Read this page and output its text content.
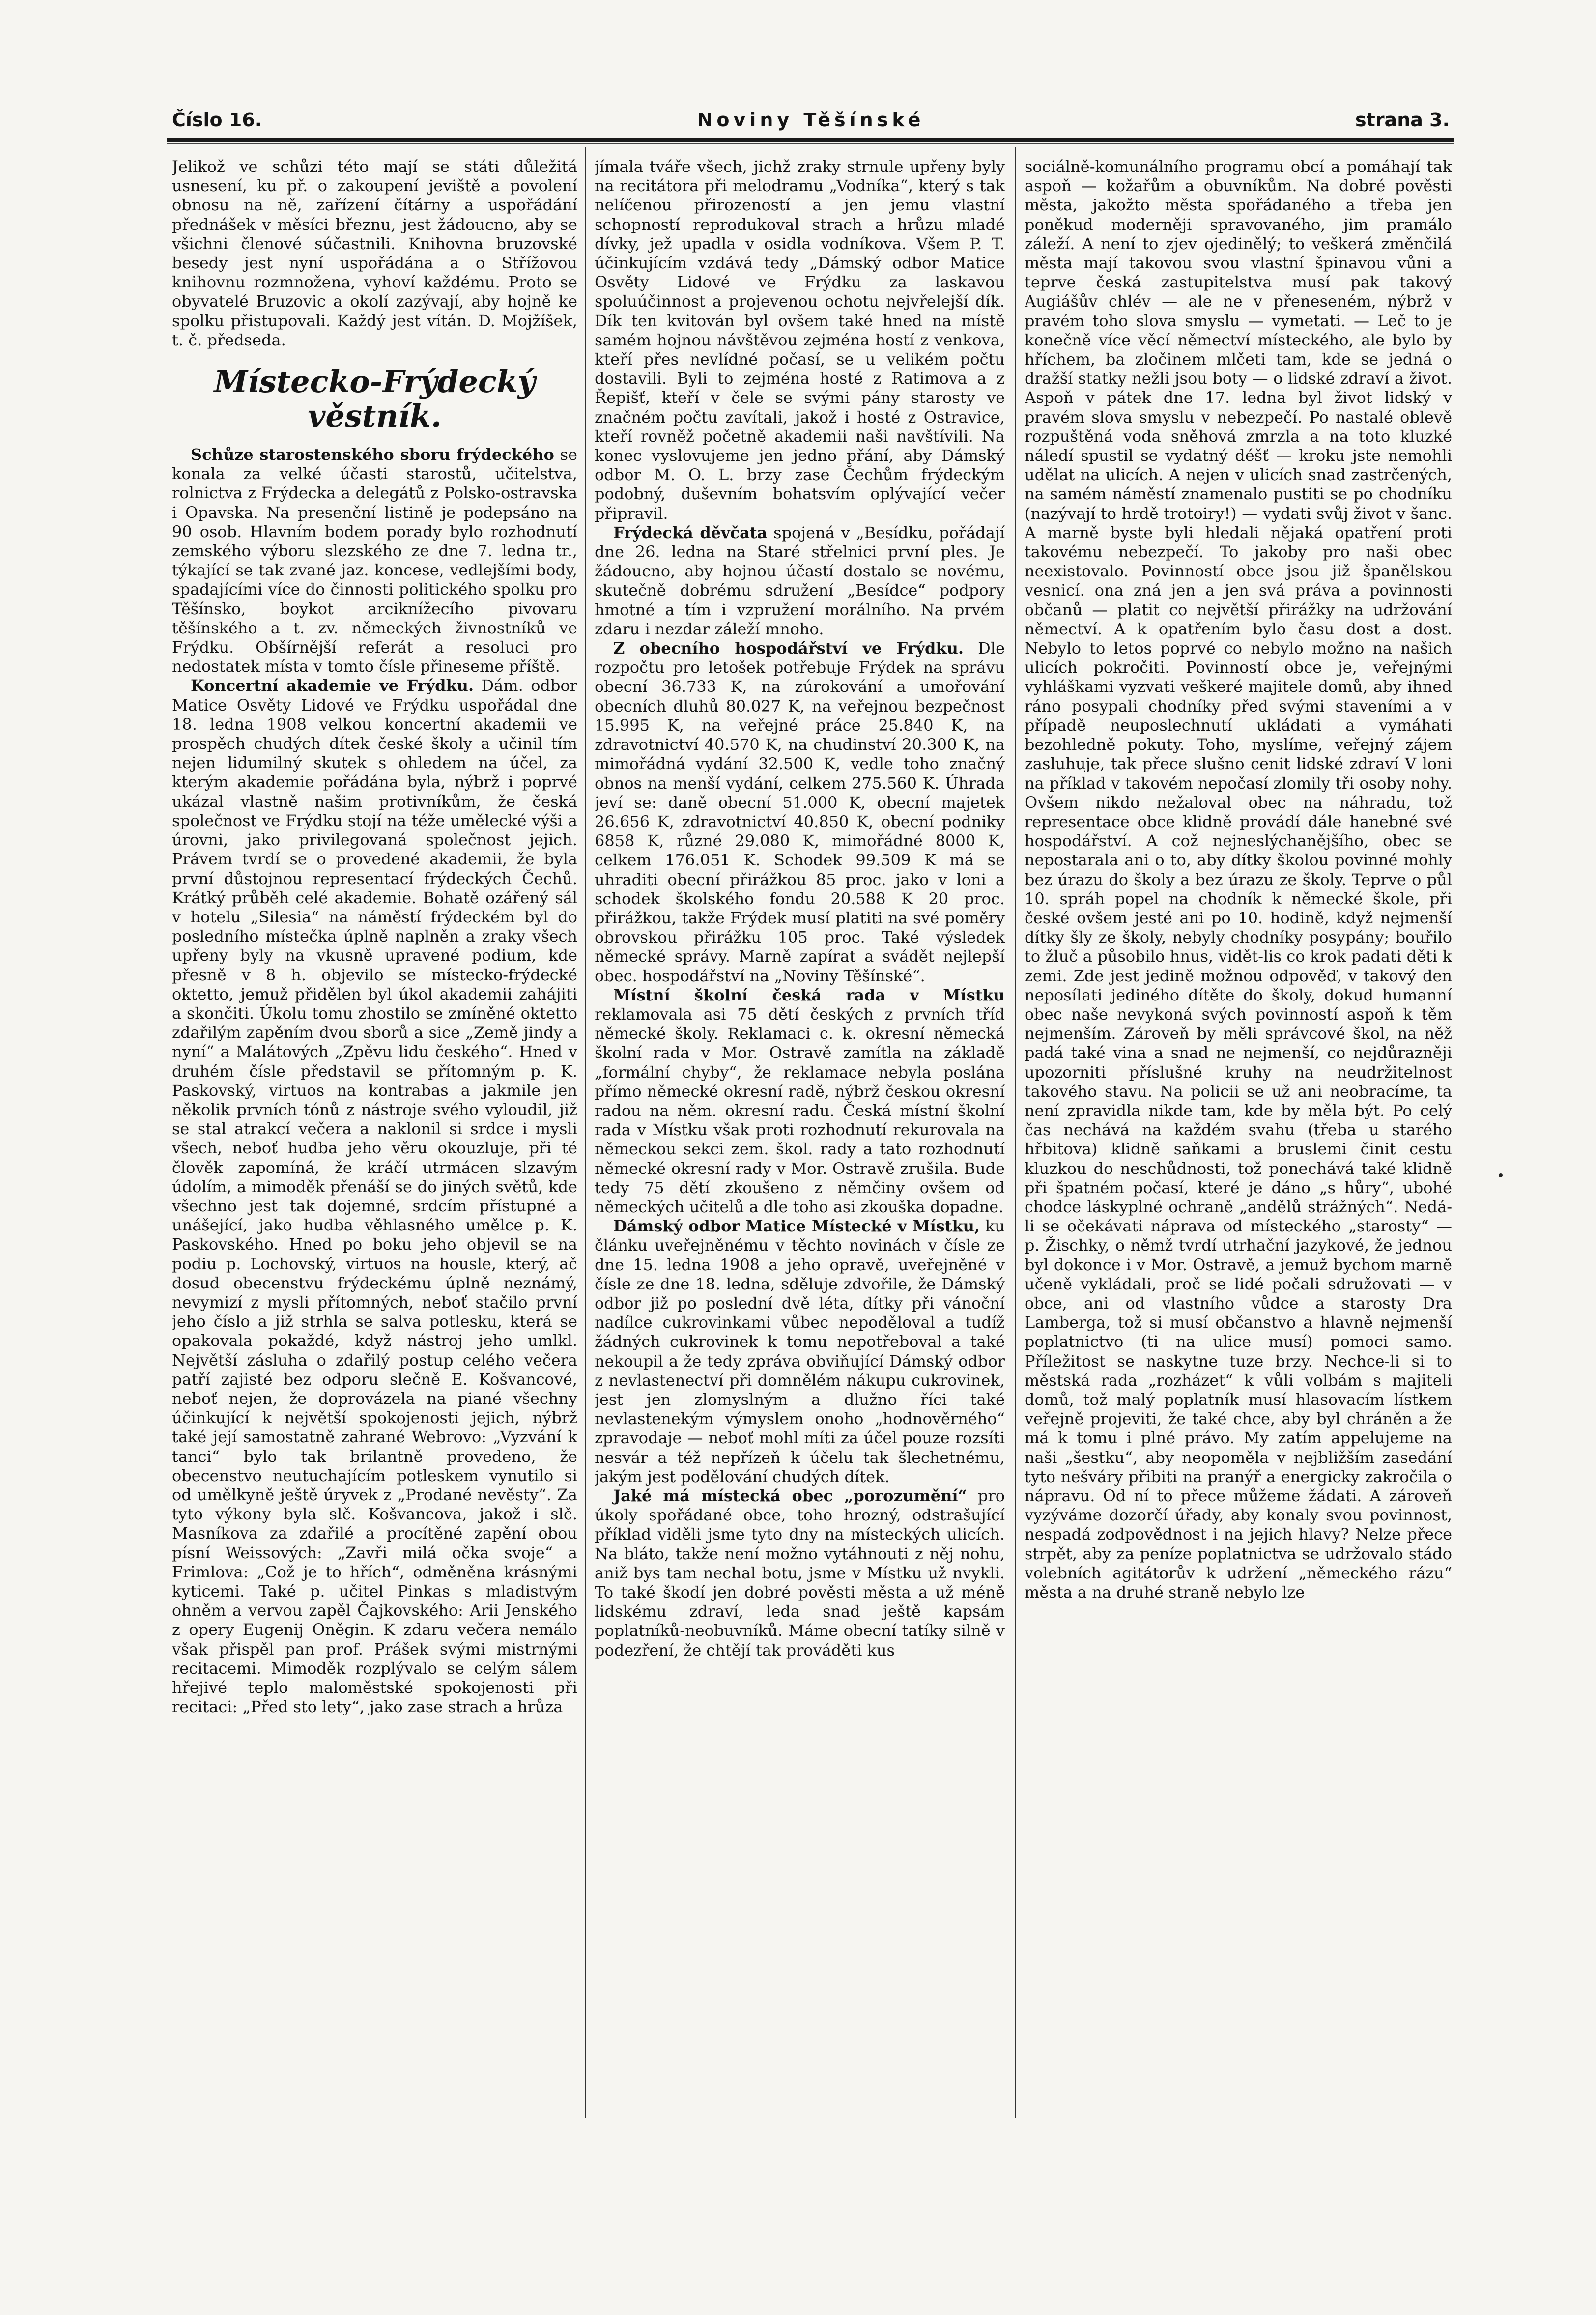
Číslo 16.	Noviny Těšínské	strana 3.

Jelikož ve schůzi této mají se státi důležitá usnesení, ku př. o zakoupení jeviště a povolení obnosu na ně, zařízení čítárny a uspořádání přednášek v měsíci březnu, jest žádoucno, aby se všichni členové súčastnili. Knihovna bruzovské besedy jest nyní uspořádána a o Střížovou knihovnu rozmnožena, vyhoví každému. Proto se obyvatelé Bruzovic a okolí zazývají, aby hojně ke spolku přistupovali. Každý jest vítán. D. Mojžíšek, t. č. předseda.

Místecko-Frýdecký věstník.

Schůze starostenského sboru frýdeckého se konala za velké účasti starostů, učitelstva, rolnictva z Frýdecka a delegátů z Polsko-ostravska i Opavska. Na presenční listině je podepsáno na 90 osob. Hlavním bodem porady bylo rozhodnutí zemského výboru slezského ze dne 7. ledna tr., týkající se tak zvané jaz. koncese, vedlejšími body, spadajícími více do činnosti politického spolku pro Těšínsko, boykot arciknížecího pivovaru těšínského a t. zv. německých živnostníků ve Frýdku. Obšírnější referát a resoluci pro nedostatek místa v tomto čísle přineseme příště.

Koncertní akademie ve Frýdku. Dám. odbor Matice Osvěty Lidové ve Frýdku uspořádal dne 18. ledna 1908 velkou koncertní akademii ve prospěch chudých dítek české školy a učinil tím nejen lidumilný skutek s ohledem na účel, za kterým akademie pořádána byla, nýbrž i poprvé ukázal vlastně našim protivníkům, že česká společnost ve Frýdku stojí na téže umělecké výši a úrovni, jako privilegovaná společnost jejich. Právem tvrdí se o provedené akademii, že byla první důstojnou representací frýdeckých Čechů. Krátký průběh celé akademie. Bohatě ozářený sál v hotelu „Silesia“ na náměstí frýdeckém byl do posledního místečka úplně naplněn a zraky všech upřeny byly na vkusně upravené podium, kde přesně v 8 h. objevilo se místecko-frýdecké oktetto, jemuž přidělen byl úkol akademii zahájiti a skončiti. Úkolu tomu zhostilo se zmíněné oktetto zdařilým zapěním dvou sborů a sice „Země jindy a nyní“ a Malátových „Zpěvu lidu českého“. Hned v druhém čísle představil se přítomným p. K. Paskovský, virtuos na kontrabas a jakmile jen několik prvních tónů z nástroje svého vyloudil, již se stal atrakcí večera a naklonil si srdce i mysli všech, neboť hudba jeho věru okouzluje, při té člověk zapomíná, že kráčí utrmácen slzavým údolím, a mimoděk přenáší se do jiných světů, kde všechno jest tak dojemné, srdcím přístupné a unášející, jako hudba věhlasného umělce p. K. Paskovského. Hned po boku jeho objevil se na podiu p. Lochovský, virtuos na housle, který, ač dosud obecenstvu frýdeckému úplně neznámý, nevymizí z mysli přítomných, neboť stačilo první jeho číslo a již strhla se salva potlesku, která se opakovala pokaždé, když nástroj jeho umlkl. Největší zásluha o zdařilý postup celého večera patří zajisté bez odporu slečně E. Košvancové, neboť nejen, že doprovázela na piané všechny účinkující k největší spokojenosti jejich, nýbrž také její samostatně zahrané Webrovo: „Vyzvání k tanci“ bylo tak brilantně provedeno, že obecenstvo neutuchajícím potleskem vynutilo si od umělkyně ještě úryvek z „Prodané nevěsty“. Za tyto výkony byla slč. Košvancova, jakož i slč. Masníkova za zdařilé a procítěné zapění obou písní Weissových: „Zavři milá očka svoje“ a Frimlova: „Což je to hřích“, odměněna krásnými kyticemi. Také p. učitel Pinkas s mladistvým ohněm a vervou zapěl Čajkovského: Arii Jenského z opery Eugenij Oněgin. K zdaru večera nemálo však přispěl pan prof. Prášek svými mistrnými recitacemi. Mimoděk rozplývalo se celým sálem hřejivé teplo maloměstské spokojenosti při recitaci: „Před sto lety“, jako zase strach a hrůza

jímala tváře všech, jichž zraky strnule upřeny byly na recitátora při melodramu „Vodníka“, který s tak nelíčenou přirozeností a jen jemu vlastní schopností reprodukoval strach a hrůzu mladé dívky, jež upadla v osidla vodníkova. Všem P. T. účinkujícím vzdává tedy „Dámský odbor Matice Osvěty Lidové ve Frýdku za laskavou spoluúčinnost a projevenou ochotu nejvřelejší dík. Dík ten kvitován byl ovšem také hned na místě samém hojnou návštěvou zejména hostí z venkova, kteří přes nevlídné počasí, se u velikém počtu dostavili. Byli to zejména hosté z Ratimova a z Řepišť, kteří v čele se svými pány starosty ve značném počtu zavítali, jakož i hosté z Ostravice, kteří rovněž početně akademii naši navštívili. Na konec vyslovujeme jen jedno přání, aby Dámský odbor M. O. L. brzy zase Čechům frýdeckým podobný, duševním bohatsvím oplývající večer připravil.

Frýdecká děvčata spojená v „Besídku, pořádají dne 26. ledna na Staré střelnici první ples. Je žádoucno, aby hojnou účastí dostalo se novému, skutečně dobrému sdružení „Besídce“ podpory hmotné a tím i vzpružení morálního. Na prvém zdaru i nezdar záleží mnoho.

Z obecního hospodářství ve Frýdku. Dle rozpočtu pro letošek potřebuje Frýdek na správu obecní 36.733 K, na zúrokování a umořování obecních dluhů 80.027 K, na veřejnou bezpečnost 15.995 K, na veřejné práce 25.840 K, na zdravotnictví 40.570 K, na chudinství 20.300 K, na mimořádná vydání 32.500 K, vedle toho značný obnos na menší vydání, celkem 275.560 K. Úhrada jeví se: daně obecní 51.000 K, obecní majetek 26.656 K, zdravotnictví 40.850 K, obecní podniky 6858 K, různé 29.080 K, mimořádné 8000 K, celkem 176.051 K. Schodek 99.509 K má se uhraditi obecní přirážkou 85 proc. jako v loni a schodek školského fondu 20.588 K 20 proc. přirážkou, takže Frýdek musí platiti na své poměry obrovskou přirážku 105 proc. Také výsledek německé správy. Marně zapírat a svádět nejlepší obec. hospodářství na „Noviny Těšínské“.

Místní školní česká rada v Místku reklamovala asi 75 dětí českých z prvních tříd německé školy. Reklamaci c. k. okresní německá školní rada v Mor. Ostravě zamítla na základě „formální chyby“, že reklamace nebyla poslána přímo německé okresní radě, nýbrž českou okresní radou na něm. okresní radu. Česká místní školní rada v Místku však proti rozhodnutí rekurovala na německou sekci zem. škol. rady a tato rozhodnutí německé okresní rady v Mor. Ostravě zrušila. Bude tedy 75 dětí zkoušeno z němčiny ovšem od německých učitelů a dle toho asi zkouška dopadne.

Dámský odbor Matice Místecké v Místku, ku článku uveřejněnému v těchto novinách v čísle ze dne 15. ledna 1908 a jeho opravě, uveřejněné v čísle ze dne 18. ledna, sděluje zdvořile, že Dámský odbor již po poslední dvě léta, dítky při vánoční nadílce cukrovinkami vůbec nepoděloval a tudíž žádných cukrovinek k tomu nepotřeboval a také nekoupil a že tedy zpráva obviňující Dámský odbor z nevlastenectví při domnělém nákupu cukrovinek, jest jen zlomyslným a dlužno říci také nevlastenekým výmyslem onoho „hodnověrného“ zpravodaje — neboť mohl míti za účel pouze rozsíti nesvár a též nepřízeň k účelu tak šlechetnému, jakým jest podělování chudých dítek.

Jaké má místecká obec „porozumění“ pro úkoly spořádané obce, toho hrozný, odstrašující příklad viděli jsme tyto dny na místeckých ulicích. Na bláto, takže není možno vytáhnouti z něj nohu, aniž bys tam nechal botu, jsme v Místku už nvykli. To také škodí jen dobré pověsti města a už méně lidskému zdraví, leda snad ještě kapsám poplatníků-neobuvníků. Máme obecní tatíky silně v podezření, že chtějí tak prováděti kus

sociálně-komunálního programu obcí a pomáhají tak aspoň — kožařům a obuvníkům. Na dobré pověsti města, jakožto města spořádaného a třeba jen poněkud moderněji spravovaného, jim pramálo záleží. A není to zjev ojedinělý; to veškerá změnčilá města mají takovou svou vlastní špinavou vůni a teprve česká zastupitelstva musí pak takový Augiášův chlév — ale ne v přeneseném, nýbrž v pravém toho slova smyslu — vymetati. — Leč to je konečně více věcí němectví místeckého, ale bylo by hříchem, ba zločinem mlčeti tam, kde se jedná o dražší statky nežli jsou boty — o lidské zdraví a život. Aspoň v pátek dne 17. ledna byl život lidský v pravém slova smyslu v nebezpečí. Po nastalé oblevě rozpuštěná voda sněhová zmrzla a na toto kluzké náledí spustil se vydatný déšť — kroku jste nemohli udělat na ulicích. A nejen v ulicích snad zastrčených, na samém náměstí znamenalo pustiti se po chodníku (nazývají to hrdě trotoiry!) — vydati svůj život v šanc. A marně byste byli hledali nějaká opatření proti takovému nebezpečí. To jakoby pro naši obec neexistovalo. Povinností obce jsou již španělskou vesnicí. ona zná jen a jen svá práva a povinnosti občanů — platit co největší přirážky na udržování němectví. A k opatřením bylo času dost a dost. Nebylo to letos poprvé co nebylo možno na našich ulicích pokročiti. Povinností obce je, veřejnými vyhláškami vyzvati veškeré majitele domů, aby ihned ráno posypali chodníky před svými staveními a v případě neuposlechnutí ukládati a vymáhati bezohledně pokuty. Toho, myslíme, veřejný zájem zasluhuje, tak přece slušno cenit lidské zdraví V loni na příklad v takovém nepočasí zlomily tři osoby nohy. Ovšem nikdo nežaloval obec na náhradu, tož representace obce klidně provádí dále hanebné své hospodářství. A což nejneslýchanějšího, obec se nepostarala ani o to, aby dítky školou povinné mohly bez úrazu do školy a bez úrazu ze školy. Teprve o půl 10. spráh popel na chodník k německé škole, při české ovšem jesté ani po 10. hodině, když nejmenší dítky šly ze školy, nebyly chodníky posypány; bouřilo to žluč a působilo hnus, vidět-lis co krok padati děti k zemi. Zde jest jedině možnou odpověď, v takový den neposílati jediného dítěte do školy, dokud humanní obec naše nevykoná svých povinností aspoň k těm nejmenším. Zároveň by měli správcové škol, na něž padá také vina a snad ne nejmenší, co nejdůrazněji upozorniti příslušné kruhy na neudržitelnost takového stavu. Na policii se už ani neobracíme, ta není zpravidla nikde tam, kde by měla být. Po celý čas nechává na každém svahu (třeba u starého hřbitova) klidně saňkami a bruslemi činit cestu kluzkou do neschůdnosti, tož ponechává také klidně při špatném počasí, které je dáno „s hůry“, ubohé chodce láskyplné ochraně „andělů strážných“. Nedá-li se očekávati náprava od místeckého „starosty“ — p. Žischky, o němž tvrdí utrhační jazykové, že jednou byl dokonce i v Mor. Ostravě, a jemuž bychom marně učeně vykládali, proč se lidé počali sdružovati — v obce, ani od vlastního vůdce a starosty Dra Lamberga, tož si musí občanstvo a hlavně nejmenší poplatnictvo (ti na ulice musí) pomoci samo. Příležitost se naskytne tuze brzy. Nechce-li si to městská rada „rozházet“ k vůli volbám s majiteli domů, tož malý poplatník musí hlasovacím lístkem veřejně projeviti, že také chce, aby byl chráněn a že má k tomu i plné právo. My zatím appelujeme na naši „šestku“, aby neopoměla v nejbližším zasedání tyto nešváry přibiti na pranýř a energicky zakročila o nápravu. Od ní to přece můžeme žádati. A zároveň vyzýváme dozorčí úřady, aby konaly svou povinnost, nespadá zodpovědnost i na jejich hlavy? Nelze přece strpět, aby za peníze poplatnictva se udržovalo stádo volebních agitátorův k udržení „německého rázu“ města a na druhé straně nebylo lze
